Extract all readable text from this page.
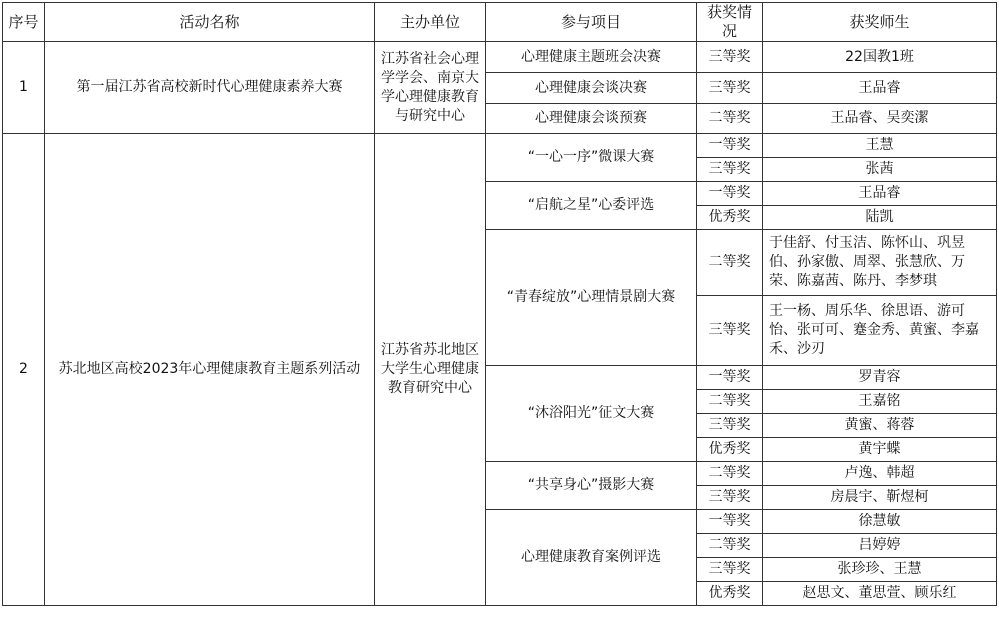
序号	活动名称	主办单位	参与项目	获奖情况	获奖师生
1	第一届江苏省高校新时代心理健康素养大赛	江苏省社会心理学学会、南京大学心理健康教育与研究中心	心理健康主题班会决赛	三等奖	22国教1班
			心理健康会谈决赛	三等奖	王品睿
			心理健康会谈预赛	二等奖	王品睿、吴奕潔
2	苏北地区高校2023年心理健康教育主题系列活动	江苏省苏北地区大学生心理健康教育研究中心	“一心一序”微课大赛	一等奖	王慧
				三等奖	张茜
			“启航之星”心委评选	一等奖	王品睿
				优秀奖	陆凯
			“青春绽放”心理情景剧大赛	二等奖	于佳舒、付玉洁、陈怀山、巩昱伯、孙家傲、周翠、张慧欣、万荣、陈嘉茜、陈丹、李梦琪
				三等奖	王一杨、周乐华、徐思语、游可怡、张可可、蹇金秀、黄蜜、李嘉禾、沙刃
			“沐浴阳光”征文大赛	一等奖	罗青容
				二等奖	王嘉铭
				三等奖	黄蜜、蒋蓉
				优秀奖	黄宇蝶
			“共享身心”摄影大赛	二等奖	卢逸、韩超
				三等奖	房晨宇、靳煜柯
			心理健康教育案例评选	一等奖	徐慧敏
				二等奖	吕婷婷
				三等奖	张珍珍、王慧
				优秀奖	赵思文、董思萱、顾乐红
